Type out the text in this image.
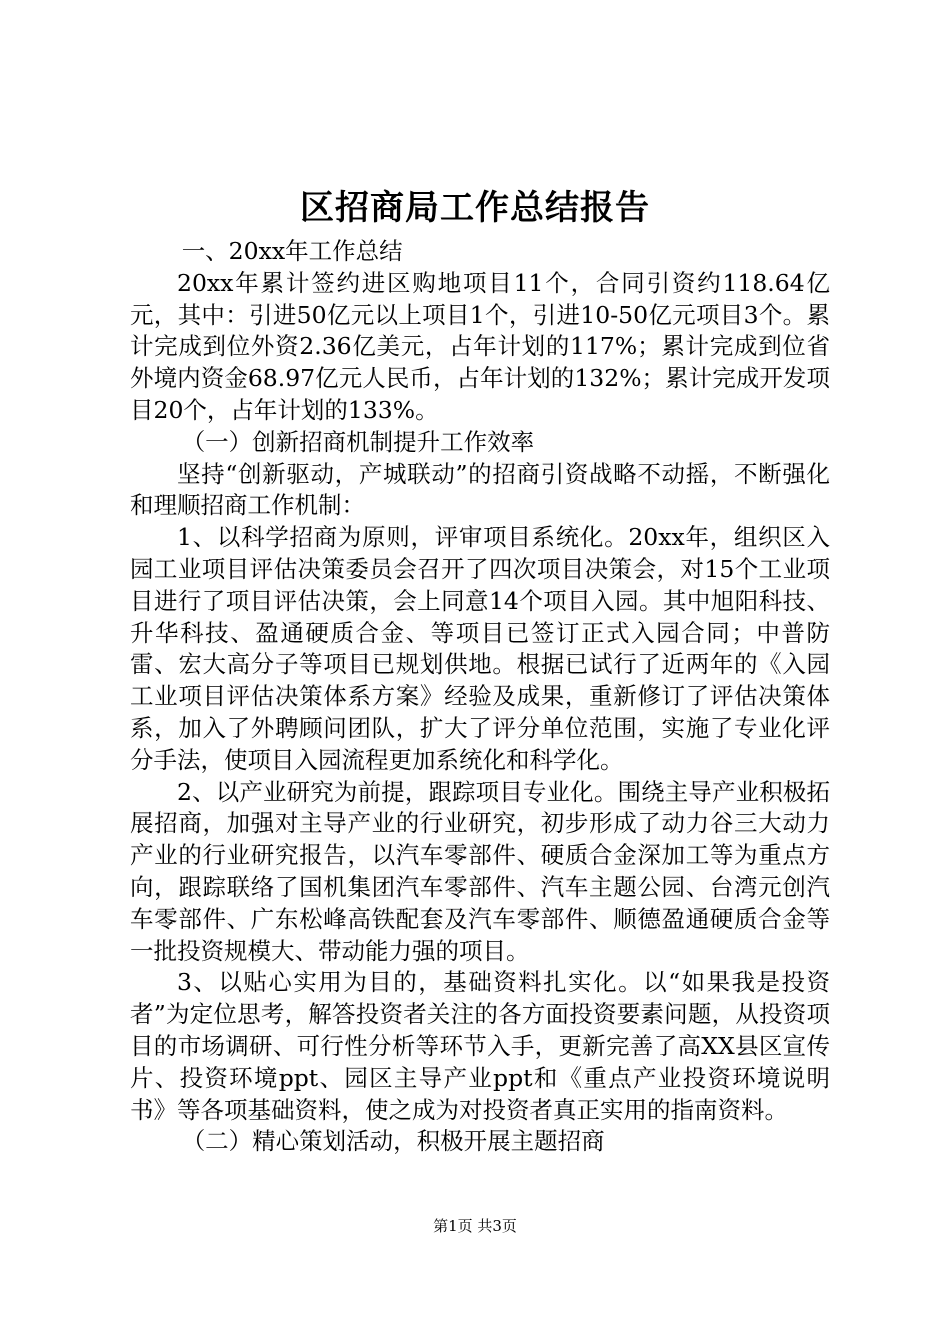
区招商局工作总结报告

一、20xx年工作总结

20xx年累计签约进区购地项目11个，合同引资约118.64亿元，其中：引进50亿元以上项目1个，引进10-50亿元项目3个。累计完成到位外资2.36亿美元，占年计划的117%；累计完成到位省外境内资金68.97亿元人民币，占年计划的132%；累计完成开发项目20个，占年计划的133%。

（一）创新招商机制提升工作效率

坚持“创新驱动，产城联动”的招商引资战略不动摇，不断强化和理顺招商工作机制：

1、以科学招商为原则，评审项目系统化。20xx年，组织区入园工业项目评估决策委员会召开了四次项目决策会，对15个工业项目进行了项目评估决策，会上同意14个项目入园。其中旭阳科技、升华科技、盈通硬质合金、等项目已签订正式入园合同；中普防雷、宏大高分子等项目已规划供地。根据已试行了近两年的《入园工业项目评估决策体系方案》经验及成果，重新修订了评估决策体系，加入了外聘顾问团队，扩大了评分单位范围，实施了专业化评分手法，使项目入园流程更加系统化和科学化。

2、以产业研究为前提，跟踪项目专业化。围绕主导产业积极拓展招商，加强对主导产业的行业研究，初步形成了动力谷三大动力产业的行业研究报告，以汽车零部件、硬质合金深加工等为重点方向，跟踪联络了国机集团汽车零部件、汽车主题公园、台湾元创汽车零部件、广东松峰高铁配套及汽车零部件、顺德盈通硬质合金等一批投资规模大、带动能力强的项目。

3、以贴心实用为目的，基础资料扎实化。以“如果我是投资者”为定位思考，解答投资者关注的各方面投资要素问题，从投资项目的市场调研、可行性分析等环节入手，更新完善了高XX县区宣传片、投资环境ppt、园区主导产业ppt和《重点产业投资环境说明书》等各项基础资料，使之成为对投资者真正实用的指南资料。

（二）精心策划活动，积极开展主题招商

第1页 共3页
